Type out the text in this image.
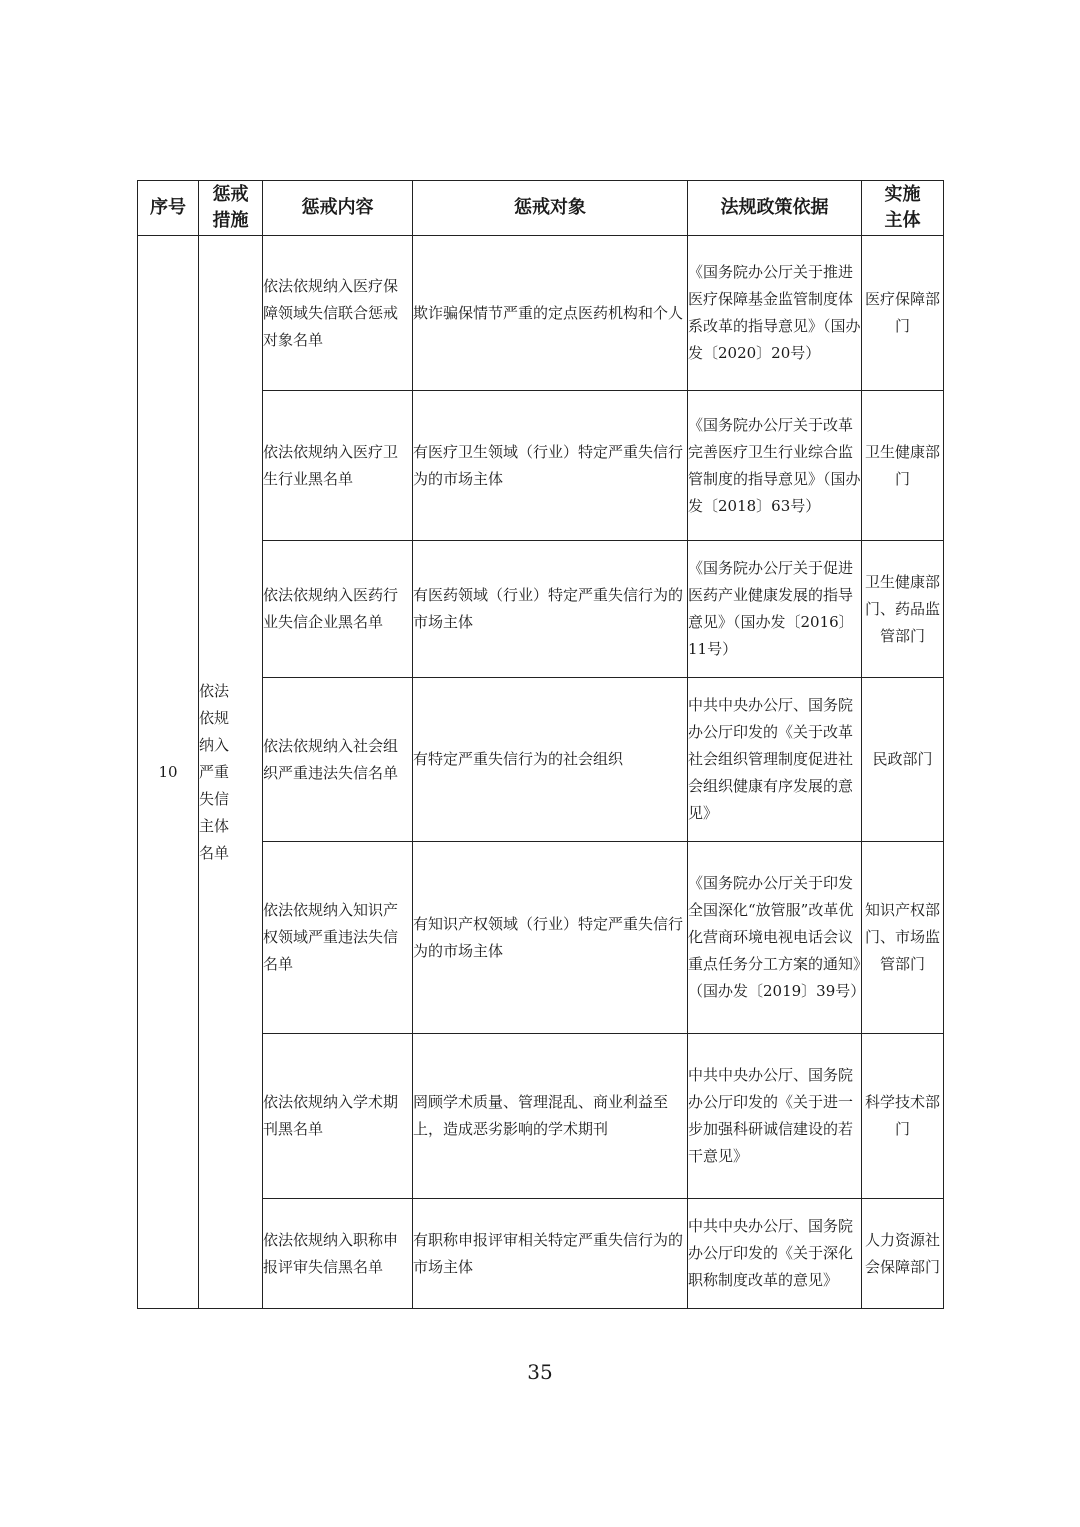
序号	惩戒措施	惩戒内容	惩戒对象	法规政策依据	实施主体

10	依法依规纳入严重失信主体名单	依法依规纳入医疗保障领域失信联合惩戒对象名单	欺诈骗保情节严重的定点医药机构和个人	《国务院办公厅关于推进医疗保障基金监管制度体系改革的指导意见》（国办发〔2020〕20号）	医疗保障部门
		依法依规纳入医疗卫生行业黑名单	有医疗卫生领域（行业）特定严重失信行为的市场主体	《国务院办公厅关于改革完善医疗卫生行业综合监管制度的指导意见》（国办发〔2018〕63号）	卫生健康部门
		依法依规纳入医药行业失信企业黑名单	有医药领域（行业）特定严重失信行为的市场主体	《国务院办公厅关于促进医药产业健康发展的指导意见》（国办发〔2016〕11号）	卫生健康部门、药品监管部门
		依法依规纳入社会组织严重违法失信名单	有特定严重失信行为的社会组织	中共中央办公厅、国务院办公厅印发的《关于改革社会组织管理制度促进社会组织健康有序发展的意见》	民政部门
		依法依规纳入知识产权领域严重违法失信名单	有知识产权领域（行业）特定严重失信行为的市场主体	《国务院办公厅关于印发全国深化“放管服”改革优化营商环境电视电话会议重点任务分工方案的通知》（国办发〔2019〕39号）	知识产权部门、市场监管部门
		依法依规纳入学术期刊黑名单	罔顾学术质量、管理混乱、商业利益至上，造成恶劣影响的学术期刊	中共中央办公厅、国务院办公厅印发的《关于进一步加强科研诚信建设的若干意见》	科学技术部门
		依法依规纳入职称申报评审失信黑名单	有职称申报评审相关特定严重失信行为的市场主体	中共中央办公厅、国务院办公厅印发的《关于深化职称制度改革的意见》	人力资源社会保障部门
35
